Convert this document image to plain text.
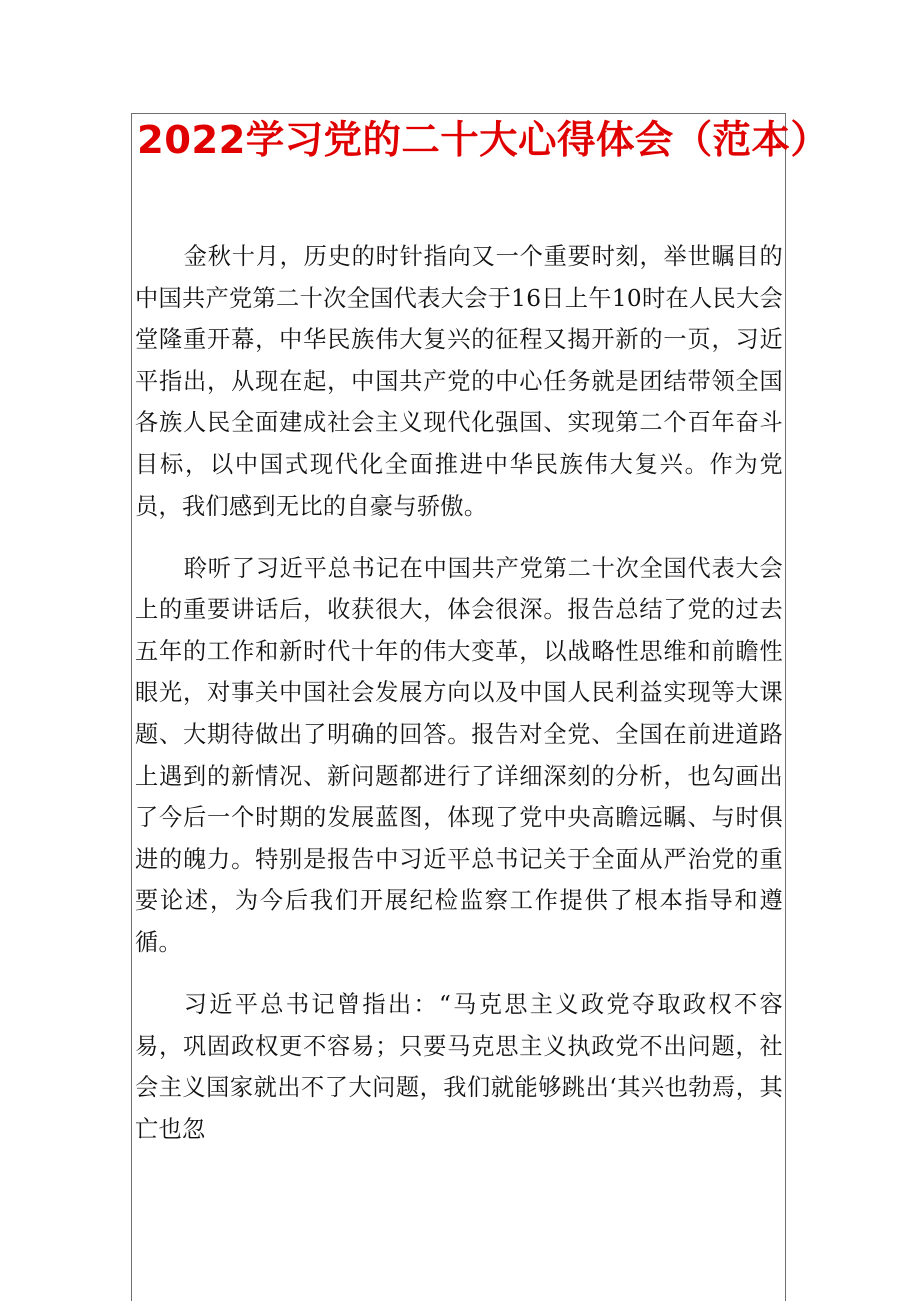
2022学习党的二十大心得体会（范本）

金秋十月，历史的时针指向又一个重要时刻，举世瞩目的中国共产党第二十次全国代表大会于16日上午10时在人民大会堂隆重开幕，中华民族伟大复兴的征程又揭开新的一页，习近平指出，从现在起，中国共产党的中心任务就是团结带领全国各族人民全面建成社会主义现代化强国、实现第二个百年奋斗目标，以中国式现代化全面推进中华民族伟大复兴。作为党员，我们感到无比的自豪与骄傲。

聆听了习近平总书记在中国共产党第二十次全国代表大会上的重要讲话后，收获很大，体会很深。报告总结了党的过去五年的工作和新时代十年的伟大变革，以战略性思维和前瞻性眼光，对事关中国社会发展方向以及中国人民利益实现等大课题、大期待做出了明确的回答。报告对全党、全国在前进道路上遇到的新情况、新问题都进行了详细深刻的分析，也勾画出了今后一个时期的发展蓝图，体现了党中央高瞻远瞩、与时俱进的魄力。特别是报告中习近平总书记关于全面从严治党的重要论述，为今后我们开展纪检监察工作提供了根本指导和遵循。

习近平总书记曾指出：“马克思主义政党夺取政权不容易，巩固政权更不容易；只要马克思主义执政党不出问题，社会主义国家就出不了大问题，我们就能够跳出‘其兴也勃焉，其亡也忽
